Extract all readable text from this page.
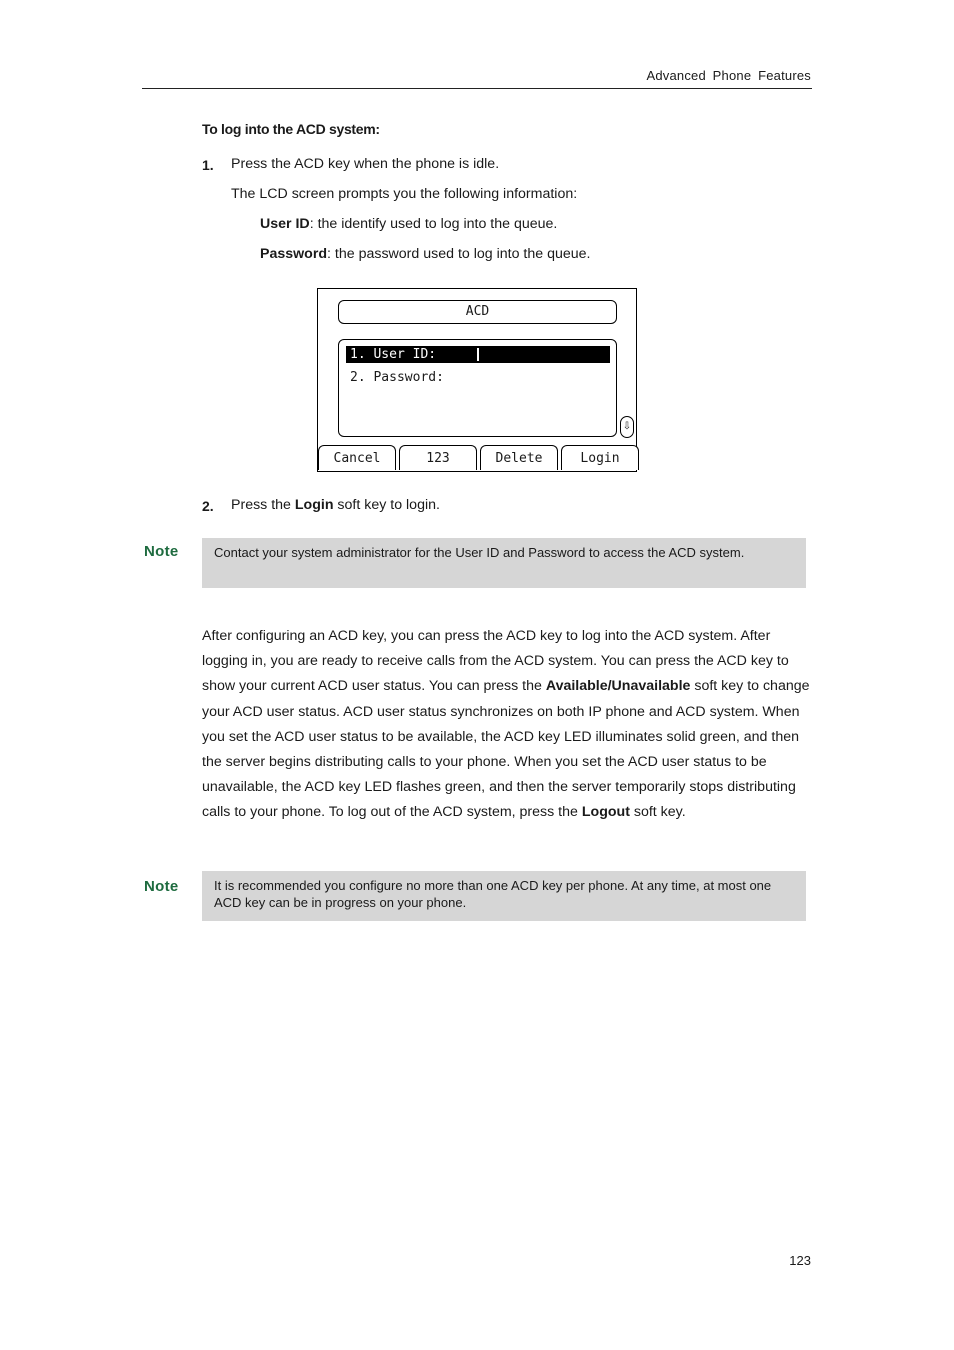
Advanced Phone Features
To log into the ACD system:
1. Press the ACD key when the phone is idle.
The LCD screen prompts you the following information:
User ID: the identify used to log into the queue.
Password: the password used to log into the queue.
ACD
1. User ID:
2. Password:
⇩
Cancel	123	Delete	Login
2. Press the Login soft key to login.
Note	Contact your system administrator for the User ID and Password to access the ACD system.
After configuring an ACD key, you can press the ACD key to log into the ACD system. After logging in, you are ready to receive calls from the ACD system. You can press the ACD key to show your current ACD user status. You can press the Available/Unavailable soft key to change your ACD user status. ACD user status synchronizes on both IP phone and ACD system. When you set the ACD user status to be available, the ACD key LED illuminates solid green, and then the server begins distributing calls to your phone. When you set the ACD user status to be unavailable, the ACD key LED flashes green, and then the server temporarily stops distributing calls to your phone. To log out of the ACD system, press the Logout soft key.
Note	It is recommended you configure no more than one ACD key per phone. At any time, at most one ACD key can be in progress on your phone.
123
